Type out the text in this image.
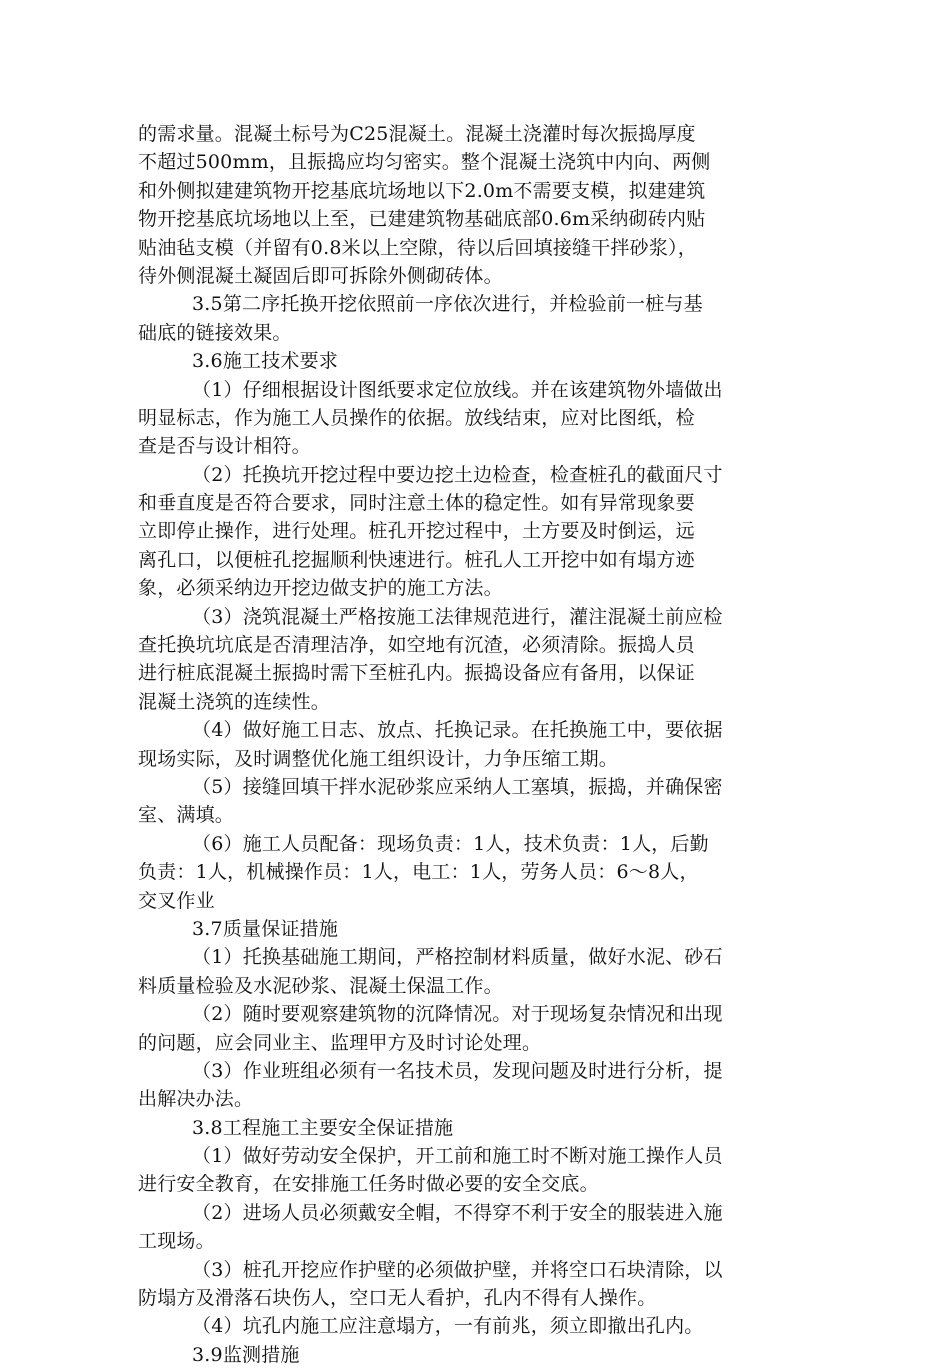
的需求量。混凝土标号为C25混凝土。混凝土浇灌时每次振捣厚度
不超过500mm，且振捣应均匀密实。整个混凝土浇筑中内向、两侧
和外侧拟建建筑物开挖基底坑场地以下2.0m不需要支模，拟建建筑
物开挖基底坑场地以上至，已建建筑物基础底部0.6m采纳砌砖内贴
贴油毡支模（并留有0.8米以上空隙，待以后回填接缝干拌砂浆），
待外侧混凝土凝固后即可拆除外侧砌砖体。
3.5第二序托换开挖依照前一序依次进行，并检验前一桩与基
础底的链接效果。
3.6施工技术要求
（1）仔细根据设计图纸要求定位放线。并在该建筑物外墙做出
明显标志，作为施工人员操作的依据。放线结束，应对比图纸，检
查是否与设计相符。
（2）托换坑开挖过程中要边挖土边检查，检查桩孔的截面尺寸
和垂直度是否符合要求，同时注意土体的稳定性。如有异常现象要
立即停止操作，进行处理。桩孔开挖过程中，土方要及时倒运，远
离孔口，以便桩孔挖掘顺利快速进行。桩孔人工开挖中如有塌方迹
象，必须采纳边开挖边做支护的施工方法。
（3）浇筑混凝土严格按施工法律规范进行，灌注混凝土前应检
查托换坑坑底是否清理洁净，如空地有沉渣，必须清除。振捣人员
进行桩底混凝土振捣时需下至桩孔内。振捣设备应有备用，以保证
混凝土浇筑的连续性。
（4）做好施工日志、放点、托换记录。在托换施工中，要依据
现场实际，及时调整优化施工组织设计，力争压缩工期。
（5）接缝回填干拌水泥砂浆应采纳人工塞填，振捣，并确保密
室、满填。
（6）施工人员配备：现场负责：1人，技术负责：1人，后勤
负责：1人，机械操作员：1人，电工：1人，劳务人员：6～8人，
交叉作业
3.7质量保证措施
（1）托换基础施工期间，严格控制材料质量，做好水泥、砂石
料质量检验及水泥砂浆、混凝土保温工作。
（2）随时要观察建筑物的沉降情况。对于现场复杂情况和出现
的问题，应会同业主、监理甲方及时讨论处理。
（3）作业班组必须有一名技术员，发现问题及时进行分析，提
出解决办法。
3.8工程施工主要安全保证措施
（1）做好劳动安全保护，开工前和施工时不断对施工操作人员
进行安全教育，在安排施工任务时做必要的安全交底。
（2）进场人员必须戴安全帽，不得穿不利于安全的服装进入施
工现场。
（3）桩孔开挖应作护壁的必须做护壁，并将空口石块清除，以
防塌方及滑落石块伤人，空口无人看护，孔内不得有人操作。
（4）坑孔内施工应注意塌方，一有前兆，须立即撤出孔内。
3.9监测措施
